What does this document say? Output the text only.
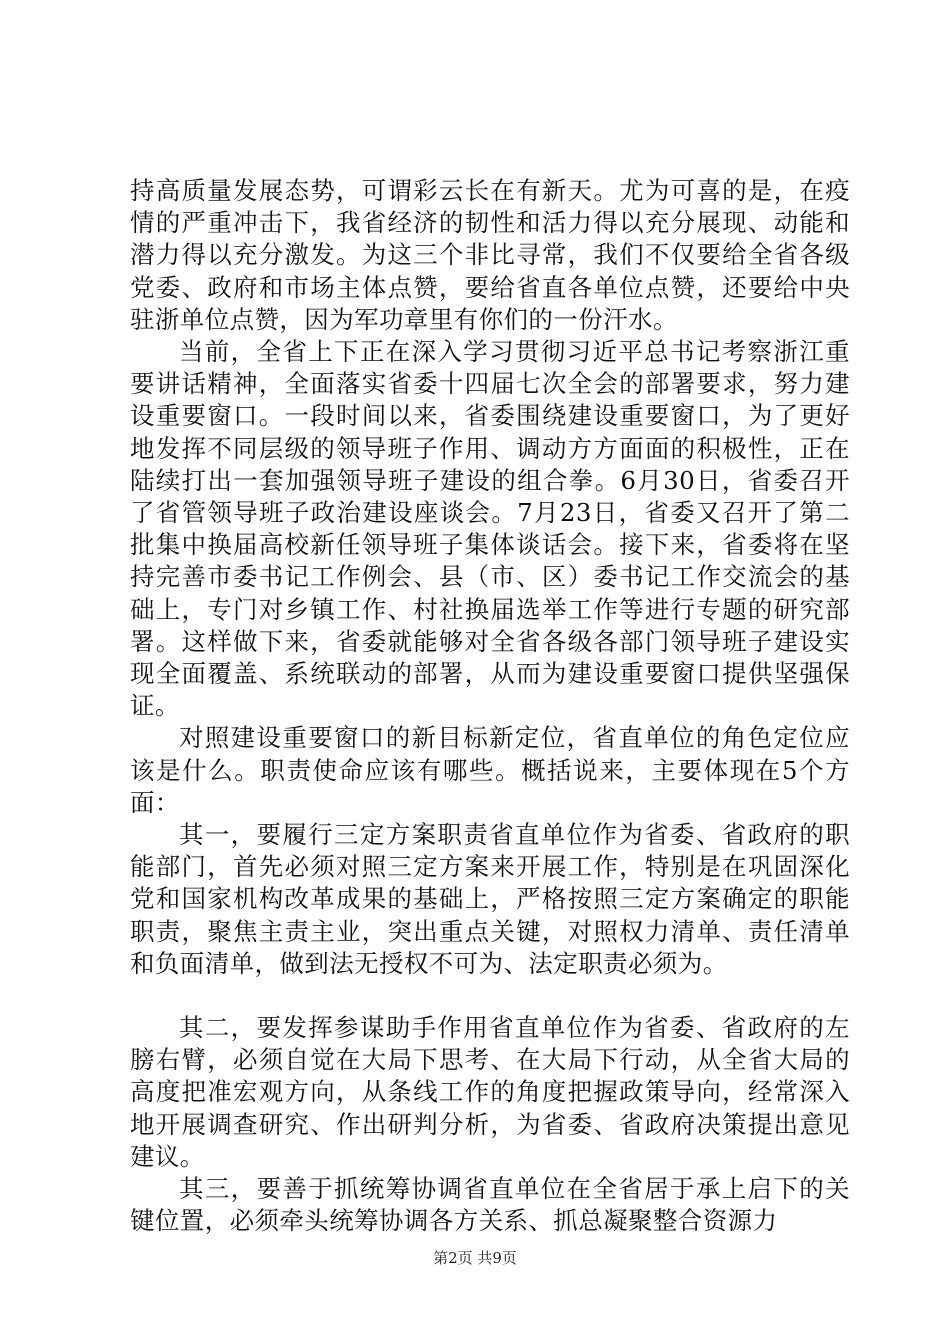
持高质量发展态势，可谓彩云长在有新天。尤为可喜的是，在疫情的严重冲击下，我省经济的韧性和活力得以充分展现、动能和潜力得以充分激发。为这三个非比寻常，我们不仅要给全省各级党委、政府和市场主体点赞，要给省直各单位点赞，还要给中央驻浙单位点赞，因为军功章里有你们的一份汗水。

当前，全省上下正在深入学习贯彻习近平总书记考察浙江重要讲话精神，全面落实省委十四届七次全会的部署要求，努力建设重要窗口。一段时间以来，省委围绕建设重要窗口，为了更好地发挥不同层级的领导班子作用、调动方方面面的积极性，正在陆续打出一套加强领导班子建设的组合拳。6月30日，省委召开了省管领导班子政治建设座谈会。7月23日，省委又召开了第二批集中换届高校新任领导班子集体谈话会。接下来，省委将在坚持完善市委书记工作例会、县（市、区）委书记工作交流会的基础上，专门对乡镇工作、村社换届选举工作等进行专题的研究部署。这样做下来，省委就能够对全省各级各部门领导班子建设实现全面覆盖、系统联动的部署，从而为建设重要窗口提供坚强保证。

对照建设重要窗口的新目标新定位，省直单位的角色定位应该是什么。职责使命应该有哪些。概括说来，主要体现在5个方面：

其一，要履行三定方案职责省直单位作为省委、省政府的职能部门，首先必须对照三定方案来开展工作，特别是在巩固深化党和国家机构改革成果的基础上，严格按照三定方案确定的职能职责，聚焦主责主业，突出重点关键，对照权力清单、责任清单和负面清单，做到法无授权不可为、法定职责必须为。

其二，要发挥参谋助手作用省直单位作为省委、省政府的左膀右臂，必须自觉在大局下思考、在大局下行动，从全省大局的高度把准宏观方向，从条线工作的角度把握政策导向，经常深入地开展调查研究、作出研判分析，为省委、省政府决策提出意见建议。

其三，要善于抓统筹协调省直单位在全省居于承上启下的关键位置，必须牵头统筹协调各方关系、抓总凝聚整合资源力

第2页 共9页
